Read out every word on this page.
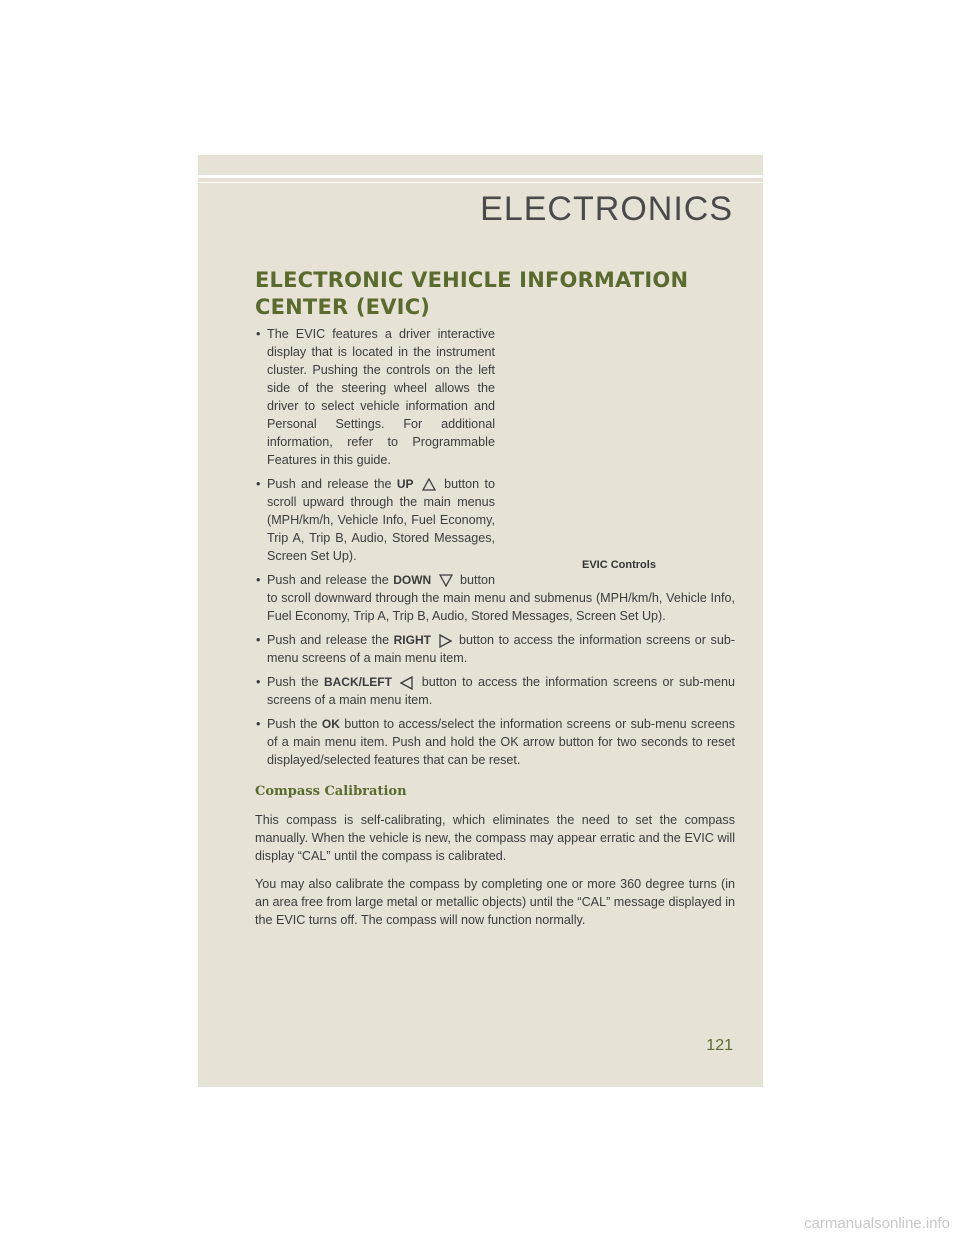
ELECTRONICS
ELECTRONIC VEHICLE INFORMATION CENTER (EVIC)

• The EVIC features a driver interactive display that is located in the instrument cluster. Pushing the controls on the left side of the steering wheel allows the driver to select vehicle information and Personal Settings. For additional information, refer to Programmable Features in this guide.

• Push and release the UP button to scroll upward through the main menus (MPH/km/h, Vehicle Info, Fuel Economy, Trip A, Trip B, Audio, Stored Messages, Screen Set Up).

• Push and release the DOWN button to scroll downward through the main menu and submenus (MPH/km/h, Vehicle Info, Fuel Economy, Trip A, Trip B, Audio, Stored Messages, Screen Set Up).

• Push and release the RIGHT button to access the information screens or sub-menu screens of a main menu item.

• Push the BACK/LEFT button to access the information screens or sub-menu screens of a main menu item.

• Push the OK button to access/select the information screens or sub-menu screens of a main menu item. Push and hold the OK arrow button for two seconds to reset displayed/selected features that can be reset.

Compass Calibration

This compass is self-calibrating, which eliminates the need to set the compass manually. When the vehicle is new, the compass may appear erratic and the EVIC will display “CAL” until the compass is calibrated.

You may also calibrate the compass by completing one or more 360 degree turns (in an area free from large metal or metallic objects) until the “CAL” message displayed in the EVIC turns off. The compass will now function normally.

EVIC Controls
121
carmanualsonline.info
